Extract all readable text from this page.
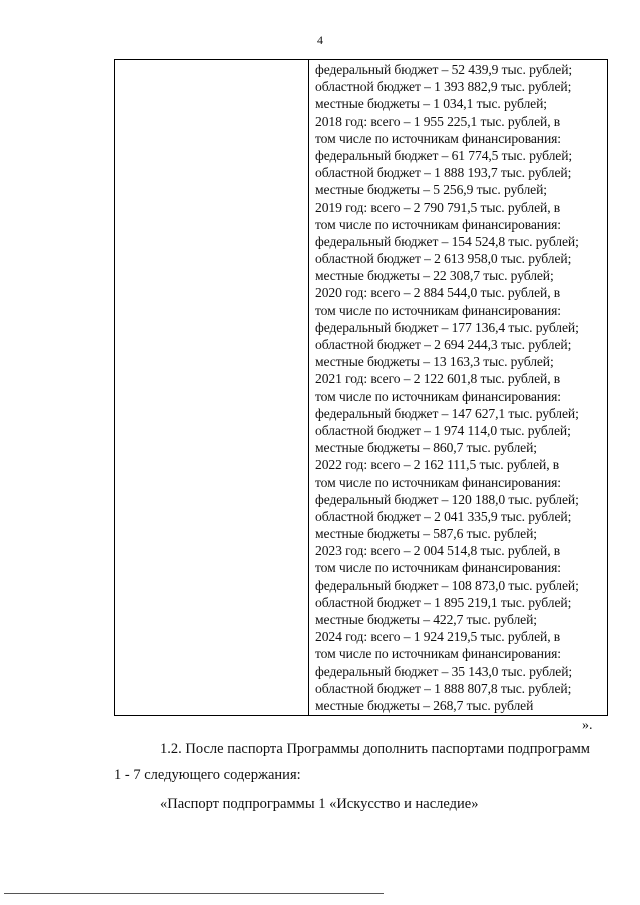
4
федеральный бюджет – 52 439,9 тыс. рублей;
областной бюджет – 1 393 882,9 тыс. рублей;
местные бюджеты – 1 034,1 тыс. рублей;
2018 год: всего – 1 955 225,1 тыс. рублей, в
том числе по источникам финансирования:
федеральный бюджет – 61 774,5 тыс. рублей;
областной бюджет – 1 888 193,7 тыс. рублей;
местные бюджеты – 5 256,9 тыс. рублей;
2019 год: всего – 2 790 791,5 тыс. рублей, в
том числе по источникам финансирования:
федеральный бюджет – 154 524,8 тыс. рублей;
областной бюджет – 2 613 958,0 тыс. рублей;
местные бюджеты – 22 308,7 тыс. рублей;
2020 год: всего – 2 884 544,0 тыс. рублей, в
том числе по источникам финансирования:
федеральный бюджет – 177 136,4 тыс. рублей;
областной бюджет – 2 694 244,3 тыс. рублей;
местные бюджеты – 13 163,3 тыс. рублей;
2021 год: всего – 2 122 601,8 тыс. рублей, в
том числе по источникам финансирования:
федеральный бюджет – 147 627,1 тыс. рублей;
областной бюджет – 1 974 114,0 тыс. рублей;
местные бюджеты – 860,7 тыс. рублей;
2022 год: всего – 2 162 111,5 тыс. рублей, в
том числе по источникам финансирования:
федеральный бюджет – 120 188,0 тыс. рублей;
областной бюджет – 2 041 335,9 тыс. рублей;
местные бюджеты – 587,6 тыс. рублей;
2023 год: всего – 2 004 514,8 тыс. рублей, в
том числе по источникам финансирования:
федеральный бюджет – 108 873,0 тыс. рублей;
областной бюджет – 1 895 219,1 тыс. рублей;
местные бюджеты – 422,7 тыс. рублей;
2024 год: всего – 1 924 219,5 тыс. рублей, в
том числе по источникам финансирования:
федеральный бюджет – 35 143,0 тыс. рублей;
областной бюджет – 1 888 807,8 тыс. рублей;
местные бюджеты – 268,7 тыс. рублей
».
1.2. После паспорта Программы дополнить паспортами подпрограмм
1 - 7 следующего содержания:
«Паспорт подпрограммы 1 «Искусство и наследие»
